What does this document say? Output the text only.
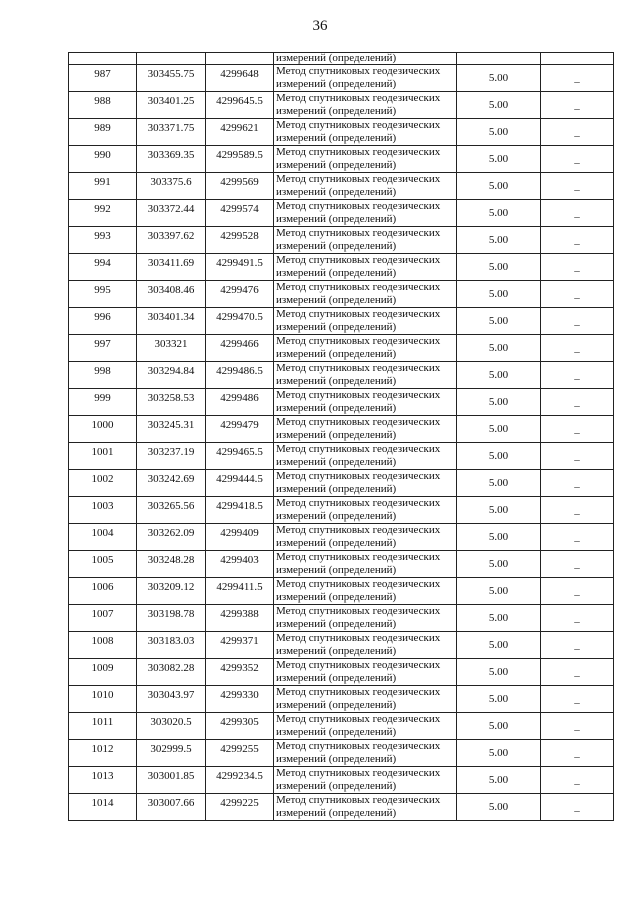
36
			измерений (определений)		
987	303455.75	4299648	Метод спутниковых геодезических
измерений (определений)	5.00	–
988	303401.25	4299645.5	Метод спутниковых геодезических
измерений (определений)	5.00	–
989	303371.75	4299621	Метод спутниковых геодезических
измерений (определений)	5.00	–
990	303369.35	4299589.5	Метод спутниковых геодезических
измерений (определений)	5.00	–
991	303375.6	4299569	Метод спутниковых геодезических
измерений (определений)	5.00	–
992	303372.44	4299574	Метод спутниковых геодезических
измерений (определений)	5.00	–
993	303397.62	4299528	Метод спутниковых геодезических
измерений (определений)	5.00	–
994	303411.69	4299491.5	Метод спутниковых геодезических
измерений (определений)	5.00	–
995	303408.46	4299476	Метод спутниковых геодезических
измерений (определений)	5.00	–
996	303401.34	4299470.5	Метод спутниковых геодезических
измерений (определений)	5.00	–
997	303321	4299466	Метод спутниковых геодезических
измерений (определений)	5.00	–
998	303294.84	4299486.5	Метод спутниковых геодезических
измерений (определений)	5.00	–
999	303258.53	4299486	Метод спутниковых геодезических
измерений (определений)	5.00	–
1000	303245.31	4299479	Метод спутниковых геодезических
измерений (определений)	5.00	–
1001	303237.19	4299465.5	Метод спутниковых геодезических
измерений (определений)	5.00	–
1002	303242.69	4299444.5	Метод спутниковых геодезических
измерений (определений)	5.00	–
1003	303265.56	4299418.5	Метод спутниковых геодезических
измерений (определений)	5.00	–
1004	303262.09	4299409	Метод спутниковых геодезических
измерений (определений)	5.00	–
1005	303248.28	4299403	Метод спутниковых геодезических
измерений (определений)	5.00	–
1006	303209.12	4299411.5	Метод спутниковых геодезических
измерений (определений)	5.00	–
1007	303198.78	4299388	Метод спутниковых геодезических
измерений (определений)	5.00	–
1008	303183.03	4299371	Метод спутниковых геодезических
измерений (определений)	5.00	–
1009	303082.28	4299352	Метод спутниковых геодезических
измерений (определений)	5.00	–
1010	303043.97	4299330	Метод спутниковых геодезических
измерений (определений)	5.00	–
1011	303020.5	4299305	Метод спутниковых геодезических
измерений (определений)	5.00	–
1012	302999.5	4299255	Метод спутниковых геодезических
измерений (определений)	5.00	–
1013	303001.85	4299234.5	Метод спутниковых геодезических
измерений (определений)	5.00	–
1014	303007.66	4299225	Метод спутниковых геодезических
измерений (определений)	5.00	–
